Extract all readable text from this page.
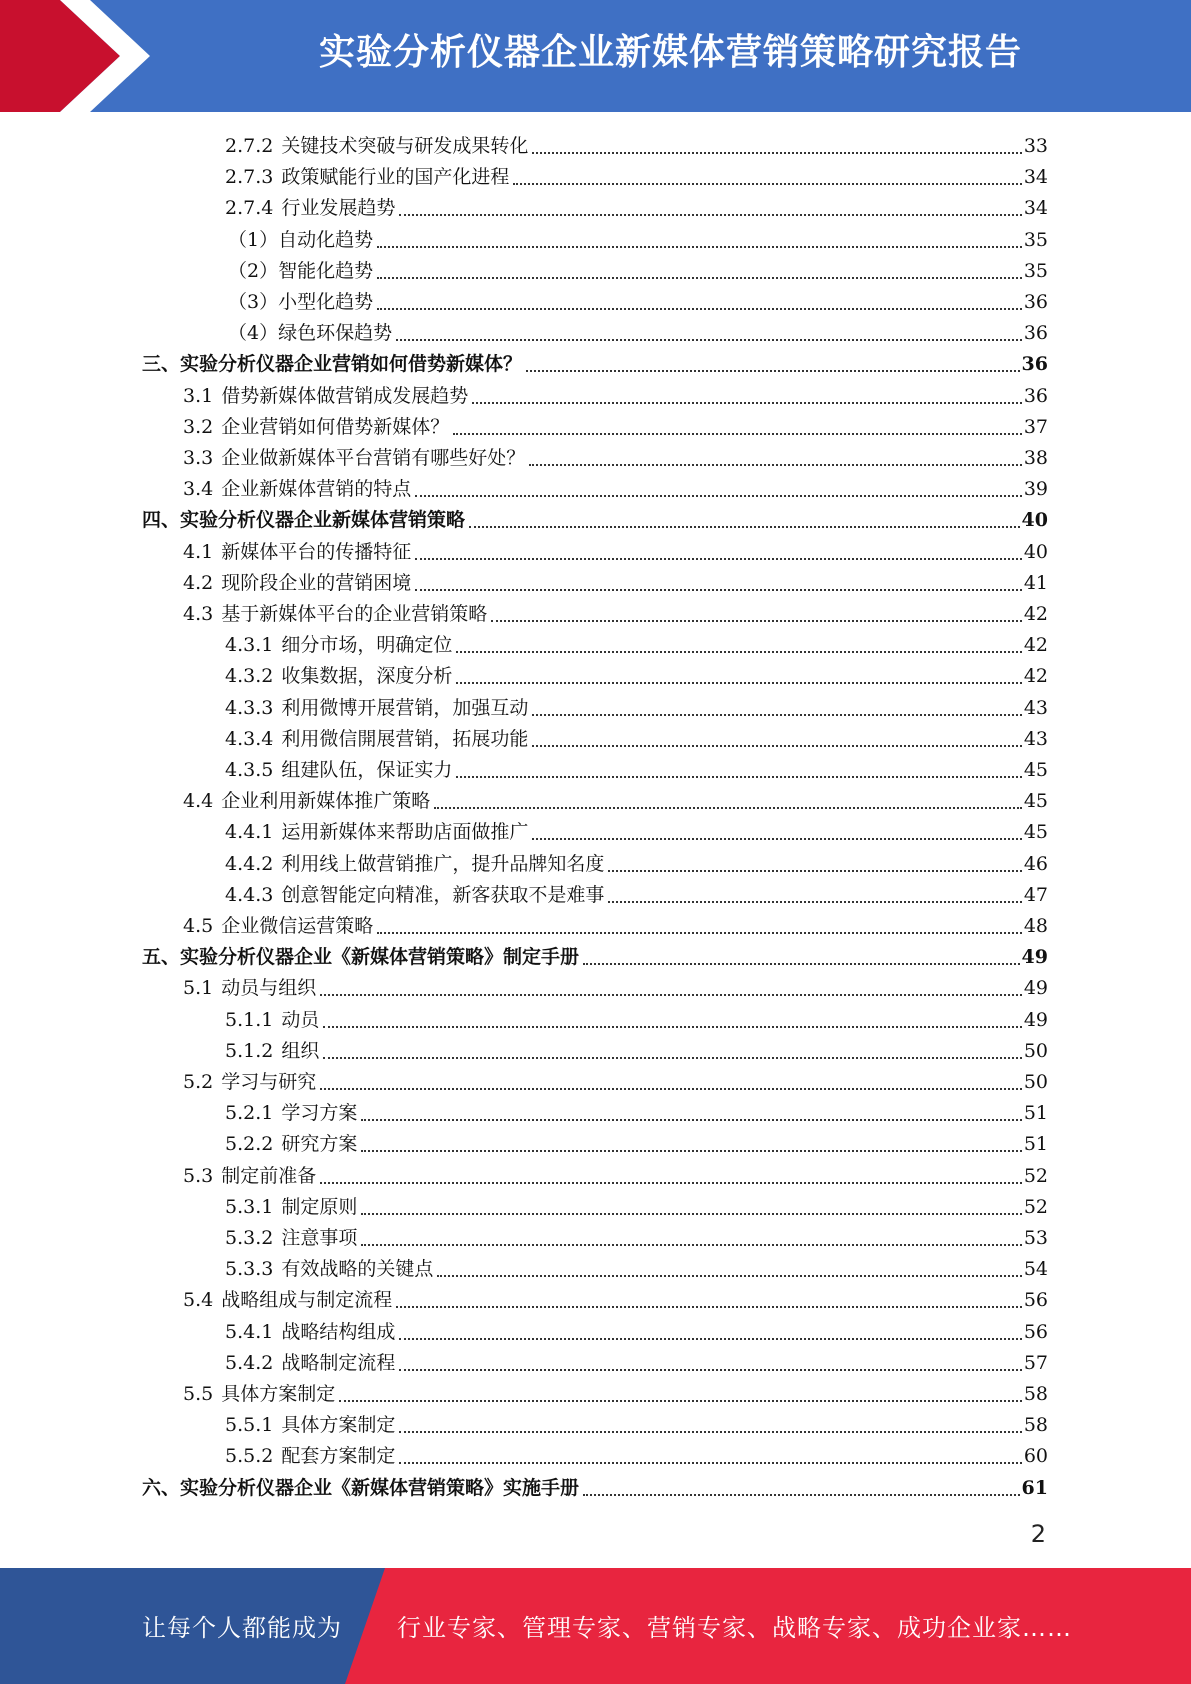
实验分析仪器企业新媒体营销策略研究报告
2.7.2 关键技术突破与研发成果转化	33
2.7.3 政策赋能行业的国产化进程	34
2.7.4 行业发展趋势	34
（1） 自动化趋势	35
（2） 智能化趋势	35
（3） 小型化趋势	36
（4） 绿色环保趋势	36
三、 实验分析仪器企业营销如何借势新媒体？	36
3.1 借势新媒体做营销成发展趋势	36
3.2 企业营销如何借势新媒体？	37
3.3 企业做新媒体平台营销有哪些好处？	38
3.4 企业新媒体营销的特点	39
四、 实验分析仪器企业新媒体营销策略	40
4.1 新媒体平台的传播特征	40
4.2 现阶段企业的营销困境	41
4.3 基于新媒体平台的企业营销策略	42
4.3.1 细分市场，明确定位	42
4.3.2 收集数据，深度分析	42
4.3.3 利用微博开展营销，加强互动	43
4.3.4 利用微信開展营销，拓展功能	43
4.3.5 组建队伍，保证实力	45
4.4 企业利用新媒体推广策略	45
4.4.1 运用新媒体来帮助店面做推广	45
4.4.2 利用线上做营销推广，提升品牌知名度	46
4.4.3 创意智能定向精准，新客获取不是难事	47
4.5 企业微信运营策略	48
五、 实验分析仪器企业《新媒体营销策略》制定手册	49
5.1 动员与组织	49
5.1.1 动员	49
5.1.2 组织	50
5.2 学习与研究	50
5.2.1 学习方案	51
5.2.2 研究方案	51
5.3 制定前准备	52
5.3.1 制定原则	52
5.3.2 注意事项	53
5.3.3 有效战略的关键点	54
5.4 战略组成与制定流程	56
5.4.1 战略结构组成	56
5.4.2 战略制定流程	57
5.5 具体方案制定	58
5.5.1 具体方案制定	58
5.5.2 配套方案制定	60
六、 实验分析仪器企业《新媒体营销策略》实施手册	61
2
让每个人都能成为 行业专家、管理专家、营销专家、战略专家、成功企业家……
